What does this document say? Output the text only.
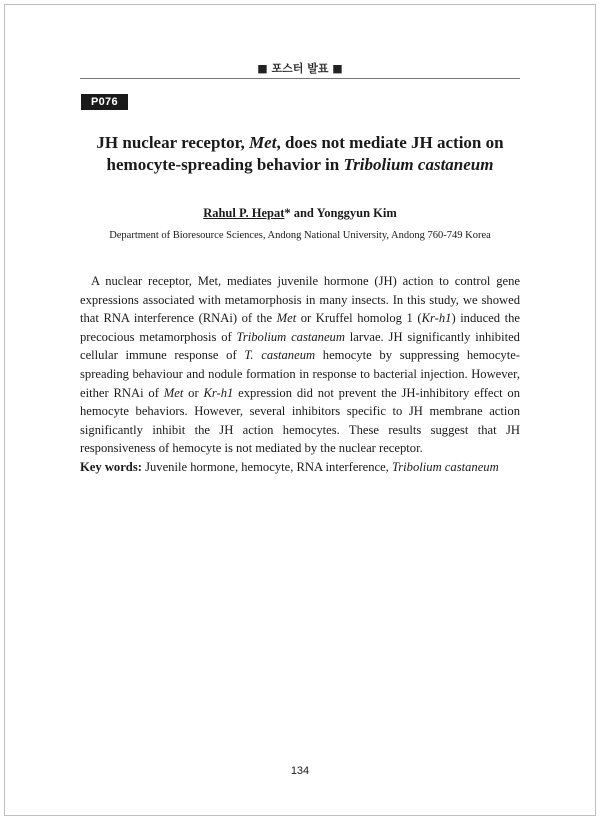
■ 포스터 발표 ■
P076
JH nuclear receptor, Met, does not mediate JH action on hemocyte-spreading behavior in Tribolium castaneum
Rahul P. Hepat* and Yonggyun Kim
Department of Bioresource Sciences, Andong National University, Andong 760-749 Korea

A nuclear receptor, Met, mediates juvenile hormone (JH) action to control gene expressions associated with metamorphosis in many insects. In this study, we showed that RNA interference (RNAi) of the Met or Kruffel homolog 1 (Kr-h1) induced the precocious metamorphosis of Tribolium castaneum larvae. JH significantly inhibited cellular immune response of T. castaneum hemocyte by suppressing hemocyte-spreading behaviour and nodule formation in response to bacterial injection. However, either RNAi of Met or Kr-h1 expression did not prevent the JH-inhibitory effect on hemocyte behaviors. However, several inhibitors specific to JH membrane action significantly inhibit the JH action hemocytes. These results suggest that JH responsiveness of hemocyte is not mediated by the nuclear receptor.

Key words: Juvenile hormone, hemocyte, RNA interference, Tribolium castaneum

134
